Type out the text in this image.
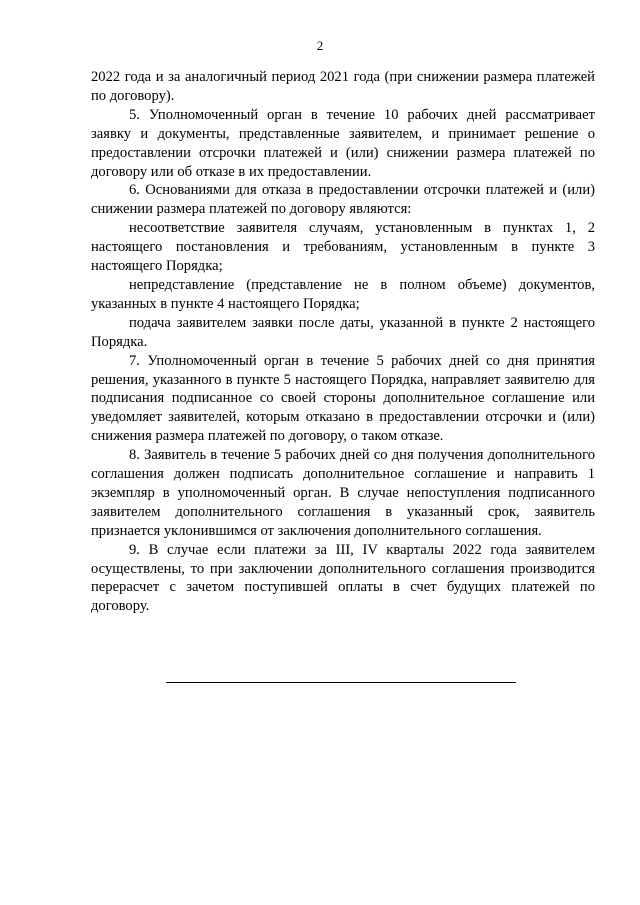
2

2022 года и за аналогичный период 2021 года (при снижении размера платежей по договору).

5. Уполномоченный орган в течение 10 рабочих дней рассматривает заявку и документы, представленные заявителем, и принимает решение о предоставлении отсрочки платежей и (или) снижении размера платежей по договору или об отказе в их предоставлении.

6. Основаниями для отказа в предоставлении отсрочки платежей и (или) снижении размера платежей по договору являются:

несоответствие заявителя случаям, установленным в пунктах 1, 2 настоящего постановления и требованиям, установленным в пункте 3 настоящего Порядка;

непредставление (представление не в полном объеме) документов, указанных в пункте 4 настоящего Порядка;

подача заявителем заявки после даты, указанной в пункте 2 настоящего Порядка.

7. Уполномоченный орган в течение 5 рабочих дней со дня принятия решения, указанного в пункте 5 настоящего Порядка, направляет заявителю для подписания подписанное со своей стороны дополнительное соглашение или уведомляет заявителей, которым отказано в предоставлении отсрочки и (или) снижения размера платежей по договору, о таком отказе.

8. Заявитель в течение 5 рабочих дней со дня получения дополнительного соглашения должен подписать дополнительное соглашение и направить 1 экземпляр в уполномоченный орган. В случае непоступления подписанного заявителем дополнительного соглашения в указанный срок, заявитель признается уклонившимся от заключения дополнительного соглашения.

9. В случае если платежи за III, IV кварталы 2022 года заявителем осуществлены, то при заключении дополнительного соглашения производится перерасчет с зачетом поступившей оплаты в счет будущих платежей по договору.
